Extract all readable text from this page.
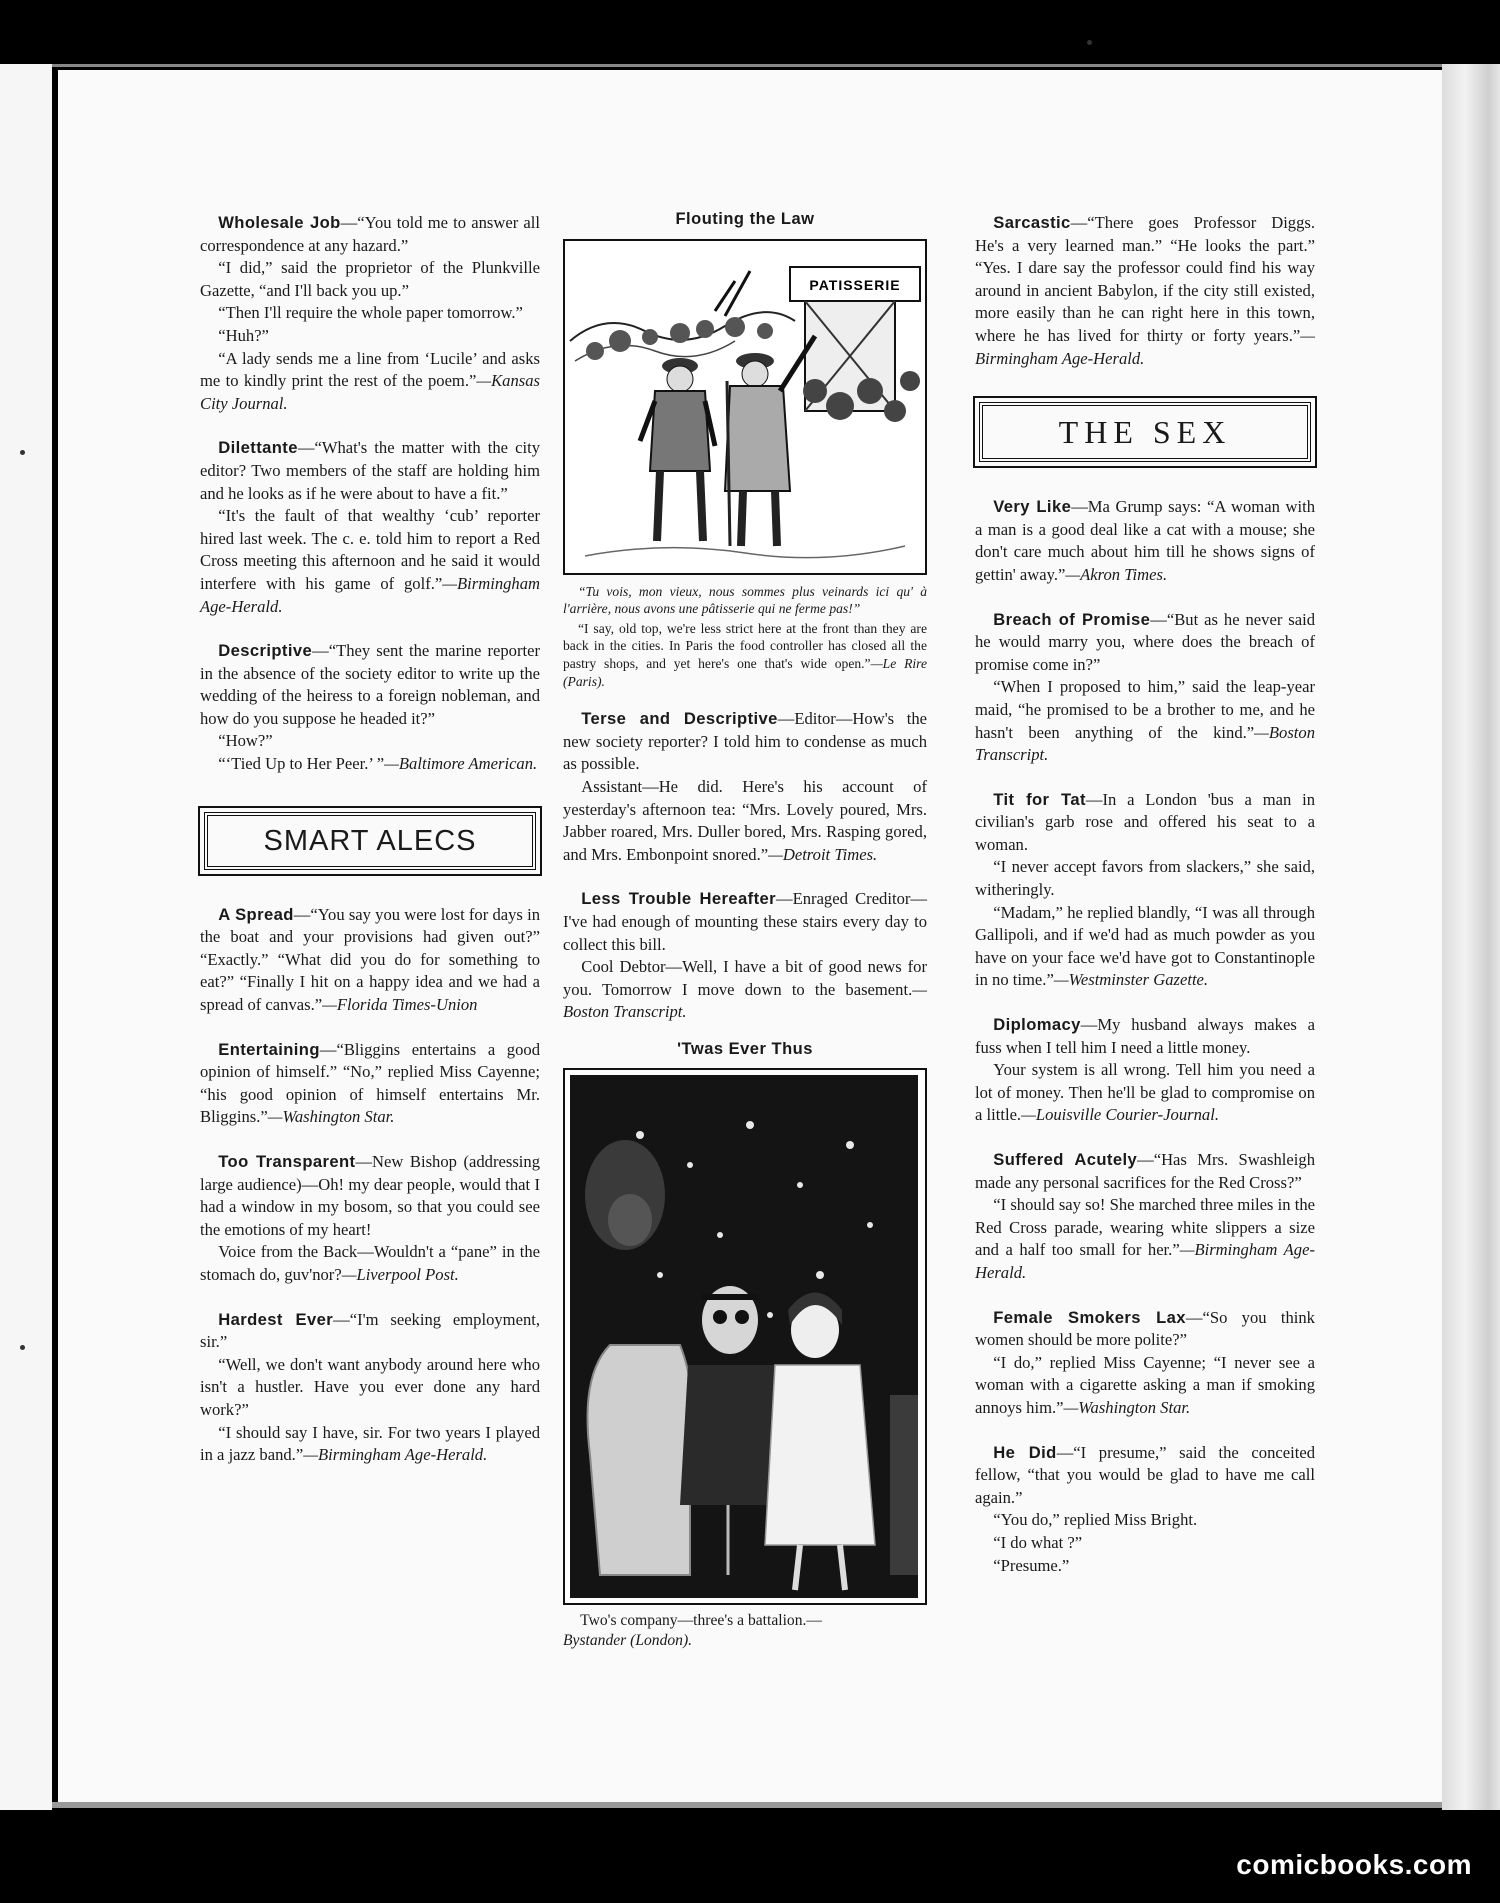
Wholesale Job—“You told me to answer all correspondence at any hazard.”

“I did,” said the proprietor of the Plunkville Gazette, “and I'll back you up.”

“Then I'll require the whole paper tomorrow.”

“Huh?”

“A lady sends me a line from ‘Lucile’ and asks me to kindly print the rest of the poem.”—Kansas City Journal.

Dilettante—“What's the matter with the city editor? Two members of the staff are holding him and he looks as if he were about to have a fit.”

“It's the fault of that wealthy ‘cub’ reporter hired last week. The c. e. told him to report a Red Cross meeting this afternoon and he said it would interfere with his game of golf.”—Birmingham Age-Herald.

Descriptive—“They sent the marine reporter in the absence of the society editor to write up the wedding of the heiress to a foreign nobleman, and how do you suppose he headed it?”

“How?”

“‘Tied Up to Her Peer.’ ”—Baltimore American.

SMART ALECS

A Spread—“You say you were lost for days in the boat and your provisions had given out?” “Exactly.” “What did you do for something to eat?” “Finally I hit on a happy idea and we had a spread of canvas.”—Florida Times-Union

Entertaining—“Bliggins entertains a good opinion of himself.” “No,” replied Miss Cayenne; “his good opinion of himself entertains Mr. Bliggins.”—Washington Star.

Too Transparent—New Bishop (addressing large audience)—Oh! my dear people, would that I had a window in my bosom, so that you could see the emotions of my heart!

Voice from the Back—Wouldn't a “pane” in the stomach do, guv'nor?—Liverpool Post.

Hardest Ever—“I'm seeking employment, sir.”

“Well, we don't want anybody around here who isn't a hustler. Have you ever done any hard work?”

“I should say I have, sir. For two years I played in a jazz band.”—Birmingham Age-Herald.

Flouting the Law

PATISSERIE

“Tu vois, mon vieux, nous sommes plus veinards ici qu' à l'arrière, nous avons une pâtisserie qui ne ferme pas!”

“I say, old top, we're less strict here at the front than they are back in the cities. In Paris the food controller has closed all the pastry shops, and yet here's one that's wide open.”—Le Rire (Paris).

Terse and Descriptive—Editor—How's the new society reporter? I told him to condense as much as possible.

Assistant—He did. Here's his account of yesterday's afternoon tea: “Mrs. Lovely poured, Mrs. Jabber roared, Mrs. Duller bored, Mrs. Rasping gored, and Mrs. Embonpoint snored.”—Detroit Times.

Less Trouble Hereafter—Enraged Creditor—I've had enough of mounting these stairs every day to collect this bill.

Cool Debtor—Well, I have a bit of good news for you. Tomorrow I move down to the basement.—Boston Transcript.

'Twas Ever Thus

Two's company—three's a battalion.—

Bystander (London).

Sarcastic—“There goes Professor Diggs. He's a very learned man.” “He looks the part.” “Yes. I dare say the professor could find his way around in ancient Babylon, if the city still existed, more easily than he can right here in this town, where he has lived for thirty or forty years.”—Birmingham Age-Herald.

THE SEX

Very Like—Ma Grump says: “A woman with a man is a good deal like a cat with a mouse; she don't care much about him till he shows signs of gettin' away.”—Akron Times.

Breach of Promise—“But as he never said he would marry you, where does the breach of promise come in?”

“When I proposed to him,” said the leap-year maid, “he promised to be a brother to me, and he hasn't been anything of the kind.”—Boston Transcript.

Tit for Tat—In a London 'bus a man in civilian's garb rose and offered his seat to a woman.

“I never accept favors from slackers,” she said, witheringly.

“Madam,” he replied blandly, “I was all through Gallipoli, and if we'd had as much powder as you have on your face we'd have got to Constantinople in no time.”—Westminster Gazette.

Diplomacy—My husband always makes a fuss when I tell him I need a little money.

Your system is all wrong. Tell him you need a lot of money. Then he'll be glad to compromise on a little.—Louisville Courier-Journal.

Suffered Acutely—“Has Mrs. Swashleigh made any personal sacrifices for the Red Cross?”

“I should say so! She marched three miles in the Red Cross parade, wearing white slippers a size and a half too small for her.”—Birmingham Age-Herald.

Female Smokers Lax—“So you think women should be more polite?”

“I do,” replied Miss Cayenne; “I never see a woman with a cigarette asking a man if smoking annoys him.”—Washington Star.

He Did—“I presume,” said the conceited fellow, “that you would be glad to have me call again.”

“You do,” replied Miss Bright.

“I do what ?”

“Presume.”

comicbooks.com
